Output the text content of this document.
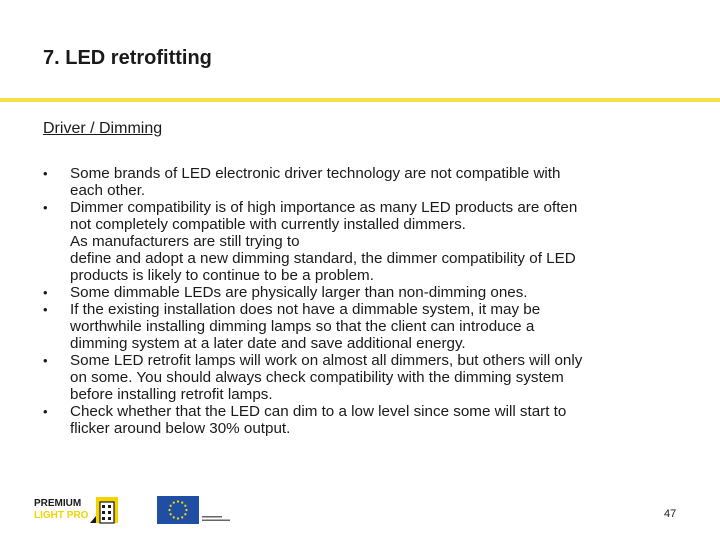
7. LED retrofitting
Driver / Dimming
• Some brands of LED electronic driver technology are not compatible with
each other.
• Dimmer compatibility is of high importance as many LED products are often
not completely compatible with currently installed dimmers.
As manufacturers are still trying to
define and adopt a new dimming standard, the dimmer compatibility of LED
products is likely to continue to be a problem.
• Some dimmable LEDs are physically larger than non-dimming ones.
• If the existing installation does not have a dimmable system, it may be
worthwhile installing dimming lamps so that the client can introduce a
dimming system at a later date and save additional energy.
• Some LED retrofit lamps will work on almost all dimmers, but others will only
on some. You should always check compatibility with the dimming system
before installing retrofit lamps.
• Check whether that the LED can dim to a low level since some will start to
flicker around below 30% output.
PREMIUM
LIGHT PRO	47
